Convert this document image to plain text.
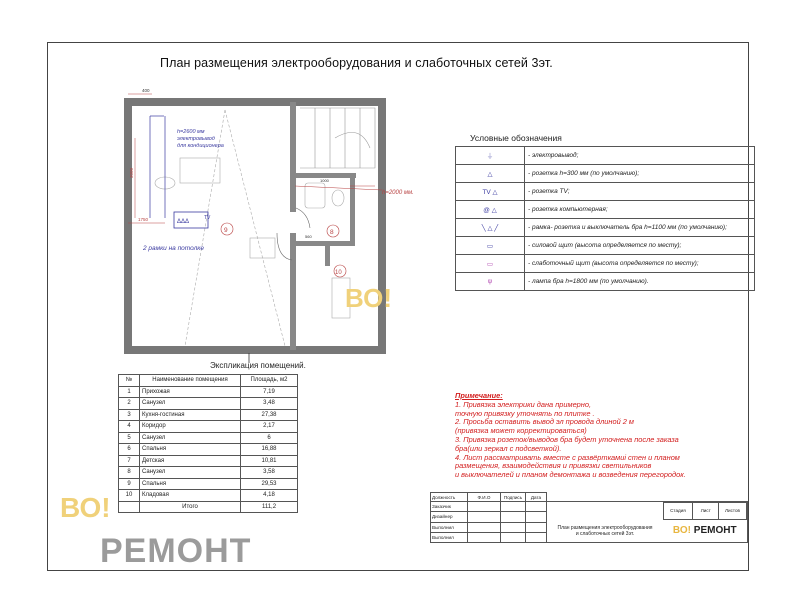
План размещения электрооборудования и слаботочных сетей 3эт.
ΔΔΔ
400
h=2600 мм
электровывод
для кондиционера
3000
1750	TV
2 рамки на потолке
9	8
10
h=2000 мм.
1000
560
ВО!
Условные обозначения
⏚	- электровывод;
△	- розетка h=300 мм (по умолчанию);
TV △	- розетка TV;
@ △	- розетка компьютерная;
╲ △ ╱	- рамка- розетка и выключатель бра h=1100 мм (по умолчанию);
▭	- силовой щит (высота определяется по месту);
▭	- слаботочный щит (высота определяется по месту);
ψ	- лампа бра h=1800 мм (по умолчанию).
Экспликация помещений.
№	Наименование помещения	Площадь, м2
1	Прихожая	7,19
2	Санузел	3,48
3	Кухня-гостиная	27,38
4	Коридор	2,17
5	Санузел	6
6	Спальня	16,88
7	Детская	10,81
8	Санузел	3,58
9	Спальня	29,53
10	Кладовая	4,18
	Итого	111,2
Примечание:
1. Привязка электрики дана примерно,
точную привязку уточнять по плитке .
2. Просьба оставить вывод эл провода длиной 2 м
(привязка может корректироваться)
3. Привязка розеток/выводов бра будет уточнена после заказа
бра(или зеркал с подсветкой).
4. Лист рассматривать вместе с развёрткамиi стен и планом
размещения, взаимодействия и привязки светильников
и выключателей и планом демонтажа и возведения перегородок.
Должность	Ф.И.О	Подпись	Дата	
Заказчик				
	Стадия	Лист	Листов

План размещения электрооборудования
и слаботочных сетей 3эт.	ВО! РЕМОНТ

Дизайнер			
Выполнил			
Выполнил			
ВО!
РЕМОНТ
